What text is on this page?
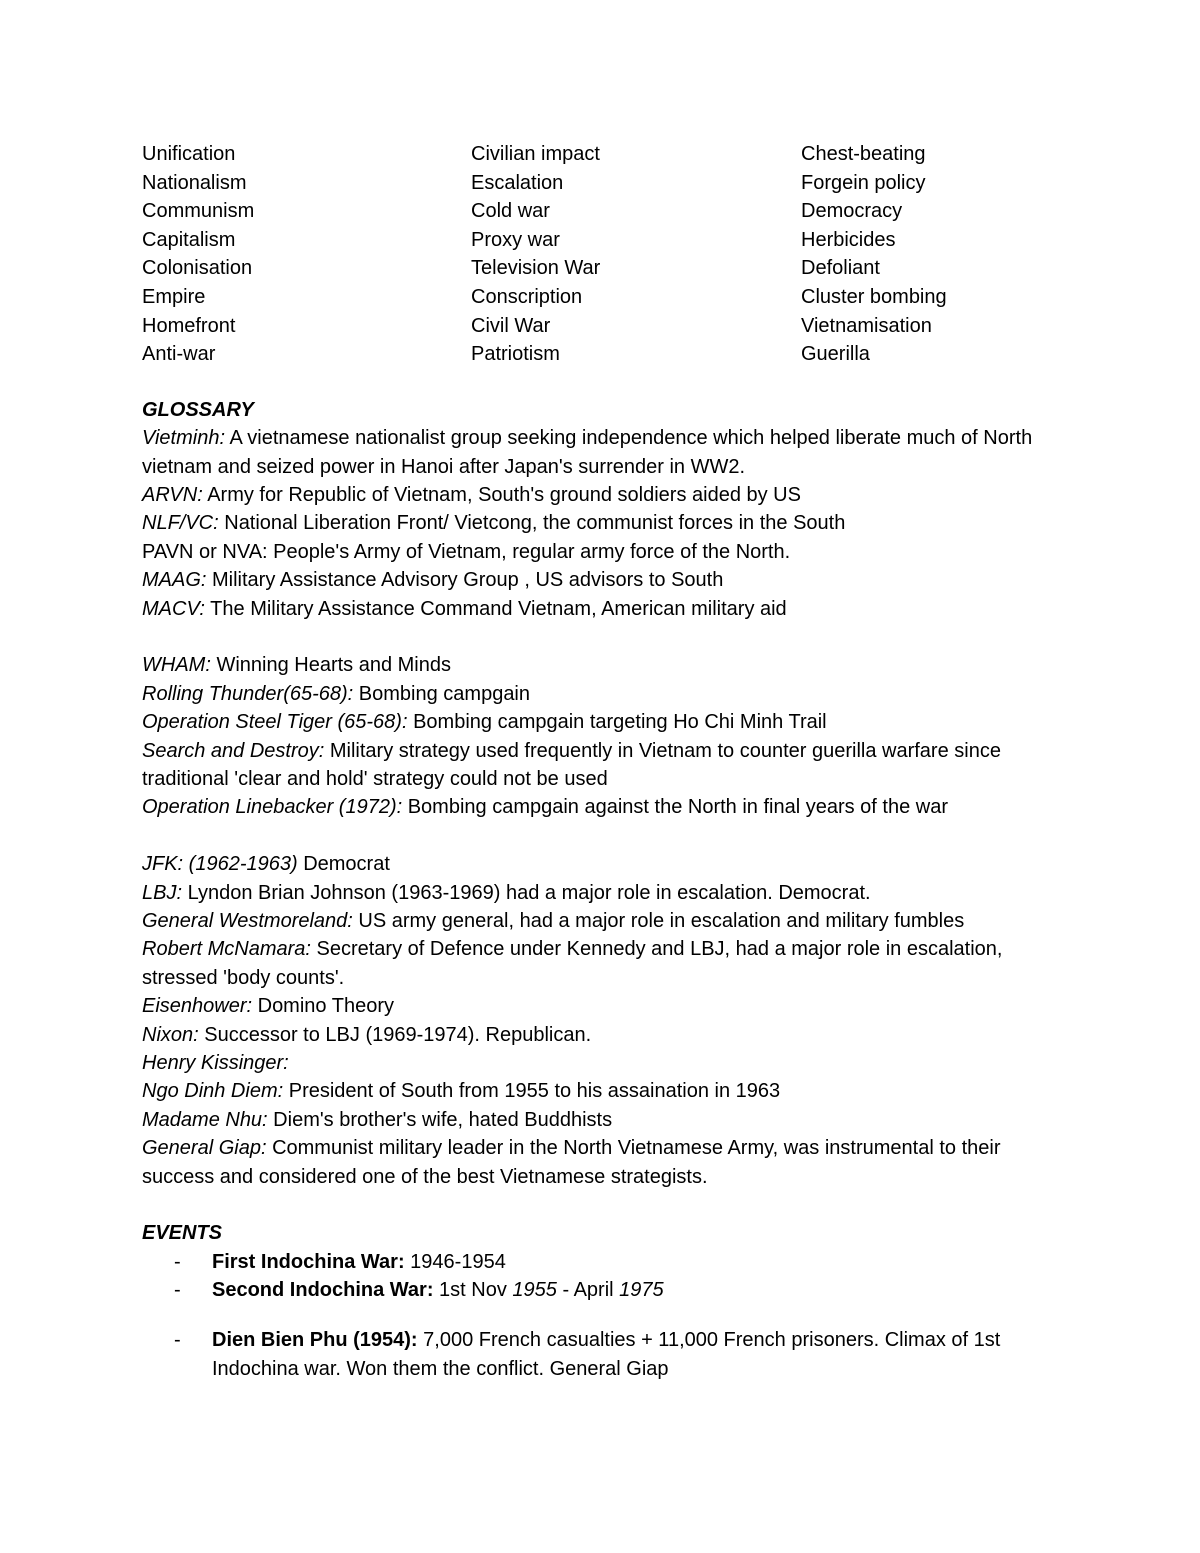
Unification
Nationalism
Communism
Capitalism
Colonisation
Empire
Homefront
Anti-war
Civilian impact
Escalation
Cold war
Proxy war
Television War
Conscription
Civil War
Patriotism
Chest-beating
Forgein policy
Democracy
Herbicides
Defoliant
Cluster bombing
Vietnamisation
Guerilla
GLOSSARY
Vietminh: A vietnamese nationalist group seeking independence which helped liberate much of North vietnam and seized power in Hanoi after Japan's surrender in WW2.
ARVN: Army for Republic of Vietnam, South's ground soldiers aided by US
NLF/VC: National Liberation Front/ Vietcong, the communist forces in the South
PAVN or NVA: People's Army of Vietnam, regular army force of the North.
MAAG: Military Assistance Advisory Group , US advisors to South
MACV: The Military Assistance Command Vietnam, American military aid
WHAM: Winning Hearts and Minds
Rolling Thunder(65-68): Bombing campgain
Operation Steel Tiger (65-68): Bombing campgain targeting Ho Chi Minh Trail
Search and Destroy: Military strategy used frequently in Vietnam to counter guerilla warfare since traditional 'clear and hold' strategy could not be used
Operation Linebacker (1972): Bombing campgain against the North in final years of the war
JFK: (1962-1963) Democrat
LBJ: Lyndon Brian Johnson (1963-1969) had a major role in escalation. Democrat.
General Westmoreland: US army general, had a major role in escalation and military fumbles
Robert McNamara: Secretary of Defence under Kennedy and LBJ, had a major role in escalation, stressed 'body counts'.
Eisenhower: Domino Theory
Nixon: Successor to LBJ (1969-1974). Republican.
Henry Kissinger:
Ngo Dinh Diem: President of South from 1955 to his assaination in 1963
Madame Nhu: Diem's brother's wife, hated Buddhists
General Giap: Communist military leader in the North Vietnamese Army, was instrumental to their success and considered one of the best Vietnamese strategists.
EVENTS
- First Indochina War: 1946-1954
- Second Indochina War: 1st Nov 1955 - April 1975
- Dien Bien Phu (1954): 7,000 French casualties + 11,000 French prisoners. Climax of 1st Indochina war. Won them the conflict. General Giap
